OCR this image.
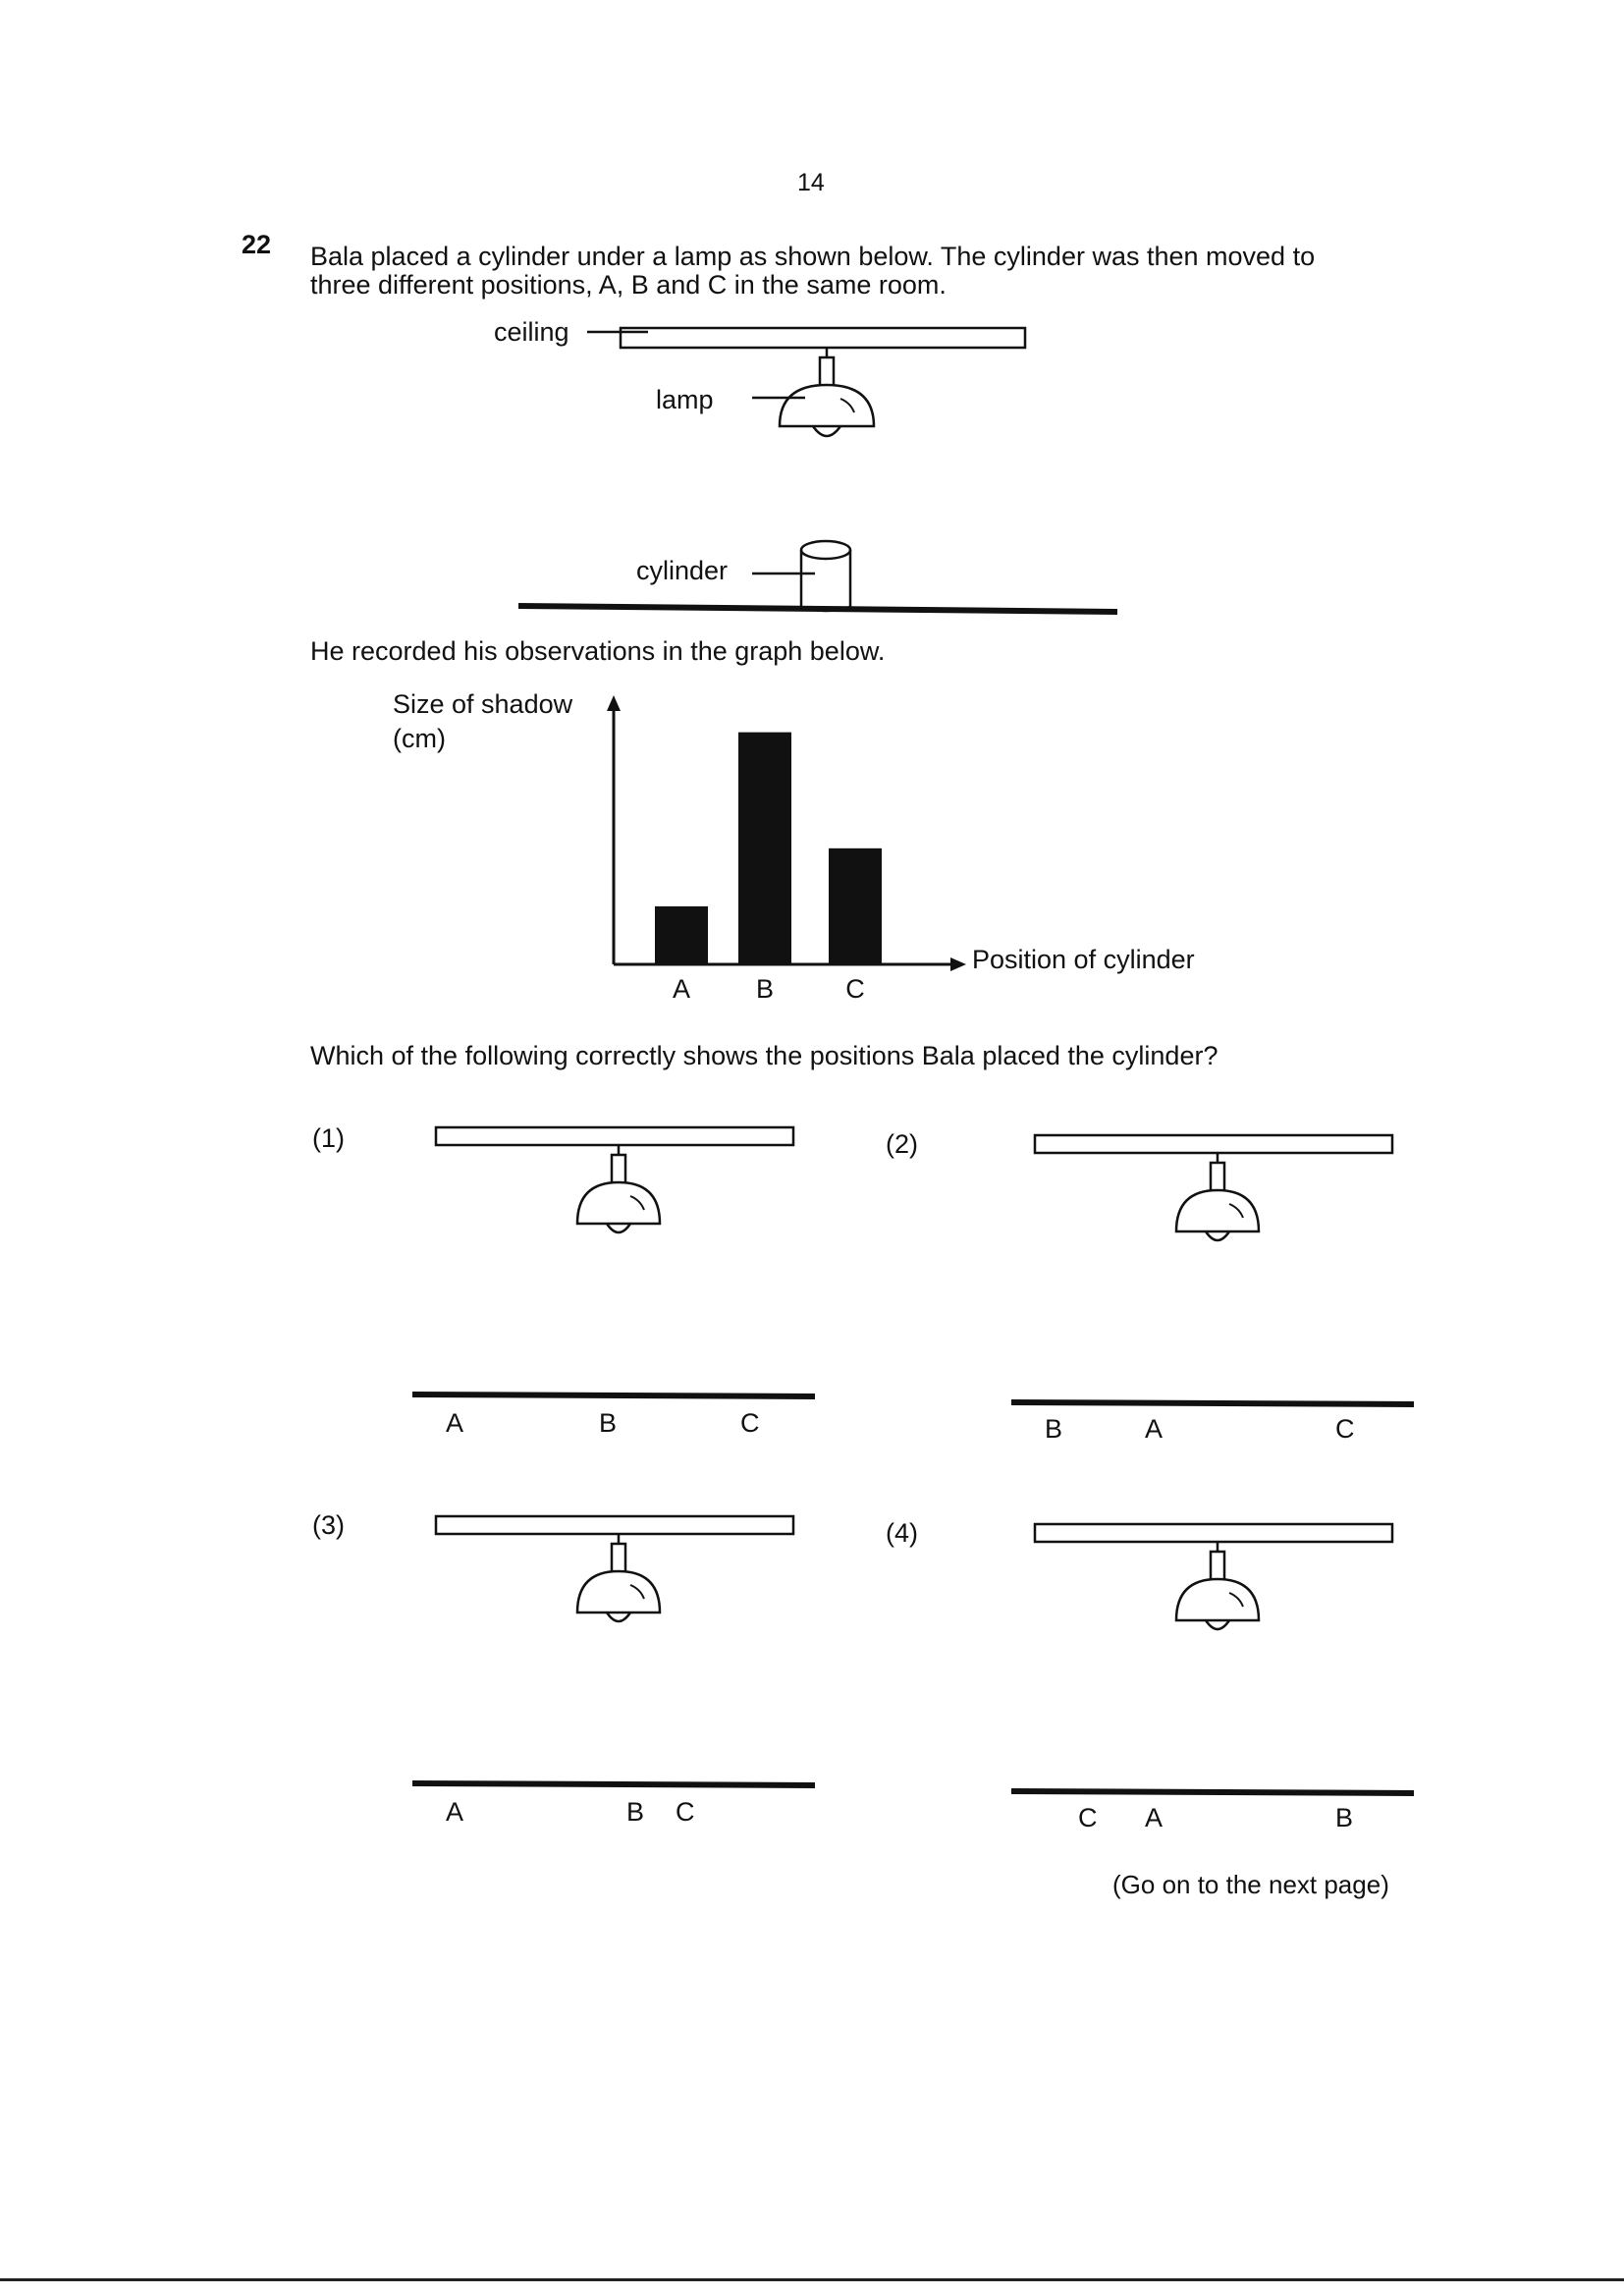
14
22 Bala placed a cylinder under a lamp as shown below. The cylinder was then moved to
three different positions, A, B and C in the same room.
ceiling
lamp
cylinder
He recorded his observations in the graph below.
Size of shadow
(cm)
A B	C
Position of cylinder
Which of the following correctly shows the positions Bala placed the cylinder?
(1)	(2)
(3)	(4)
A	B	C	B	A	C
A	B C	C A	B
(Go on to the next page)
